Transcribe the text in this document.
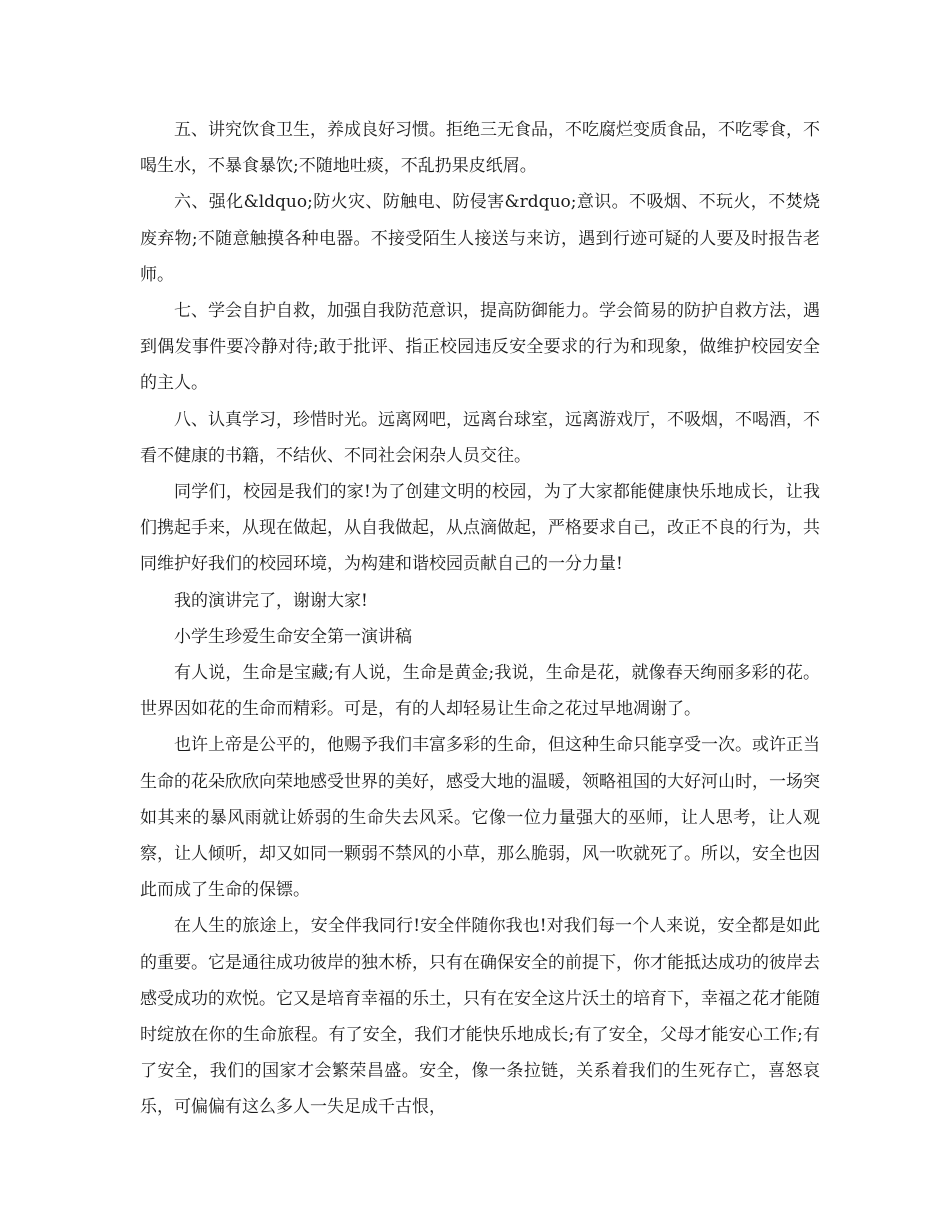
五、讲究饮食卫生，养成良好习惯。拒绝三无食品，不吃腐烂变质食品，不吃零食，不喝生水，不暴食暴饮;不随地吐痰，不乱扔果皮纸屑。

六、强化&ldquo;防火灾、防触电、防侵害&rdquo;意识。不吸烟、不玩火，不焚烧废弃物;不随意触摸各种电器。不接受陌生人接送与来访，遇到行迹可疑的人要及时报告老师。

七、学会自护自救，加强自我防范意识，提高防御能力。学会简易的防护自救方法，遇到偶发事件要冷静对待;敢于批评、指正校园违反安全要求的行为和现象，做维护校园安全的主人。

八、认真学习，珍惜时光。远离网吧，远离台球室，远离游戏厅，不吸烟，不喝酒，不看不健康的书籍，不结伙、不同社会闲杂人员交往。

同学们，校园是我们的家!为了创建文明的校园，为了大家都能健康快乐地成长，让我们携起手来，从现在做起，从自我做起，从点滴做起，严格要求自己，改正不良的行为，共同维护好我们的校园环境，为构建和谐校园贡献自己的一分力量!

我的演讲完了，谢谢大家!

小学生珍爱生命安全第一演讲稿

有人说，生命是宝藏;有人说，生命是黄金;我说，生命是花，就像春天绚丽多彩的花。世界因如花的生命而精彩。可是，有的人却轻易让生命之花过早地凋谢了。

也许上帝是公平的，他赐予我们丰富多彩的生命，但这种生命只能享受一次。或许正当生命的花朵欣欣向荣地感受世界的美好，感受大地的温暖，领略祖国的大好河山时，一场突如其来的暴风雨就让娇弱的生命失去风采。它像一位力量强大的巫师，让人思考，让人观察，让人倾听，却又如同一颗弱不禁风的小草，那么脆弱，风一吹就死了。所以，安全也因此而成了生命的保镖。

在人生的旅途上，安全伴我同行!安全伴随你我也!对我们每一个人来说，安全都是如此的重要。它是通往成功彼岸的独木桥，只有在确保安全的前提下，你才能抵达成功的彼岸去感受成功的欢悦。它又是培育幸福的乐土，只有在安全这片沃土的培育下，幸福之花才能随时绽放在你的生命旅程。有了安全，我们才能快乐地成长;有了安全，父母才能安心工作;有了安全，我们的国家才会繁荣昌盛。安全，像一条拉链，关系着我们的生死存亡，喜怒哀乐，可偏偏有这么多人一失足成千古恨，
